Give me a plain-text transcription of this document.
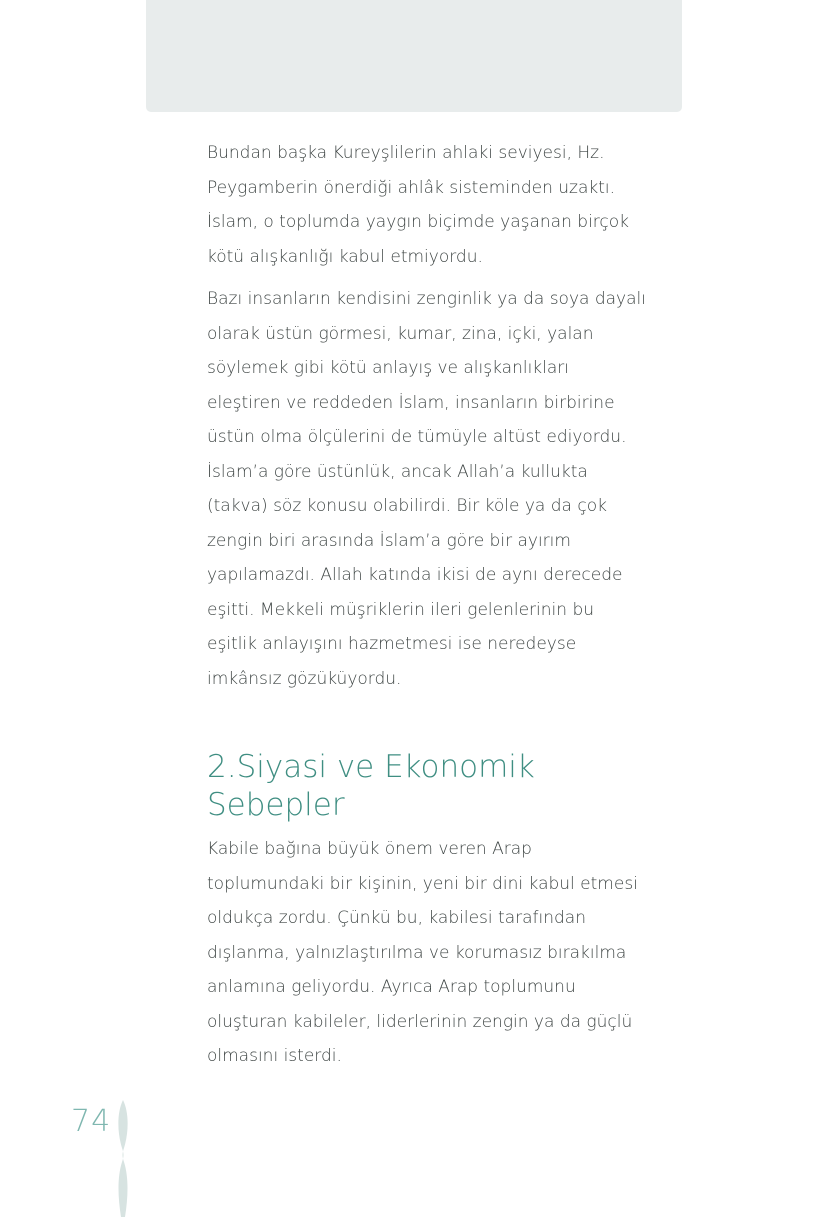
Bundan başka Kureyşlilerin ahlaki seviyesi, Hz. Peygamberin önerdiği ahlâk sisteminden uzaktı. İslam, o toplumda yaygın biçimde yaşanan birçok kötü alışkanlığı kabul etmiyordu.

Bazı insanların kendisini zenginlik ya da soya dayalı olarak üstün görmesi, kumar, zina, içki, yalan söylemek gibi kötü anlayış ve alışkanlıkları eleştiren ve reddeden İslam, insanların birbirine üstün olma ölçülerini de tümüyle altüst ediyordu. İslam’a göre üstünlük, ancak Allah’a kullukta (takva) söz konusu olabilirdi. Bir köle ya da çok zengin biri arasında İslam’a göre bir ayırım yapılamazdı. Allah katında ikisi de aynı derecede eşitti. Mekkeli müşriklerin ileri gelenlerinin bu eşitlik anlayışını hazmetmesi ise neredeyse imkânsız gözüküyordu.

2.Siyasi ve Ekonomik
Sebepler

Kabile bağına büyük önem veren Arap toplumundaki bir kişinin, yeni bir dini kabul etmesi oldukça zordu. Çünkü bu, kabilesi tarafından dışlanma, yalnızlaştırılma ve korumasız bırakılma anlamına geliyordu. Ayrıca Arap toplumunu oluşturan kabileler, liderlerinin zengin ya da güçlü olmasını isterdi.

74
